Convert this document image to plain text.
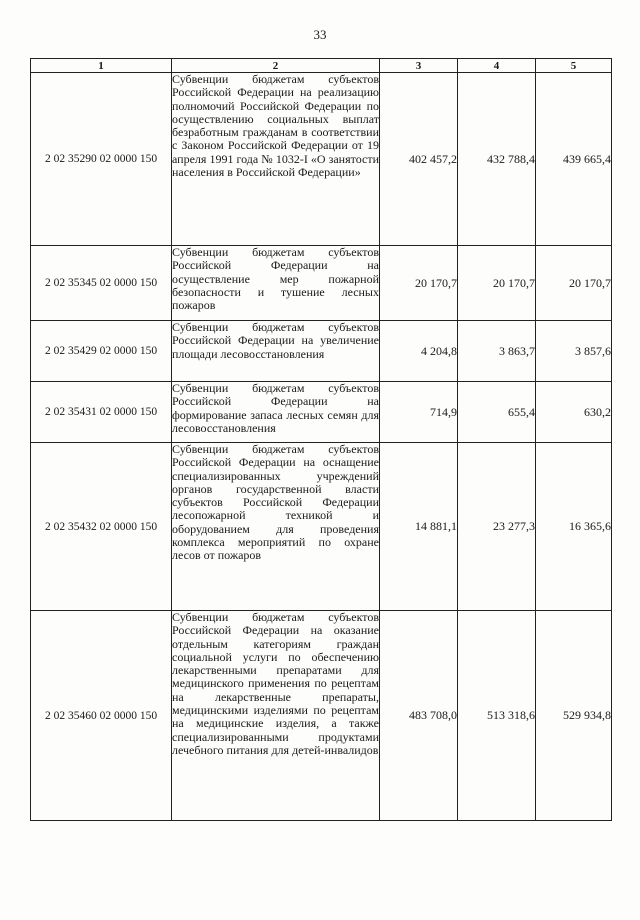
33
1	2	3	4	5
2 02 35290 02 0000 150	Субвенции бюджетам субъектов Российской Федерации на реализацию полномочий Российской Федерации по осуществлению социальных выплат безработным гражданам в соответствии с Законом Российской Федерации от 19 апреля 1991 года № 1032-I «О занятости населения в Российской Федерации»	402 457,2	432 788,4	439 665,4
2 02 35345 02 0000 150	Субвенции бюджетам субъектов Российской Федерации на осуществление мер пожарной безопасности и тушение лесных пожаров	20 170,7	20 170,7	20 170,7
2 02 35429 02 0000 150	Субвенции бюджетам субъектов Российской Федерации на увеличение площади лесовосстановления	4 204,8	3 863,7	3 857,6
2 02 35431 02 0000 150	Субвенции бюджетам субъектов Российской Федерации на формирование запаса лесных семян для лесовосстановления	714,9	655,4	630,2
2 02 35432 02 0000 150	Субвенции бюджетам субъектов Российской Федерации на оснащение специализированных учреждений органов государственной власти субъектов Российской Федерации лесопожарной техникой и оборудованием для проведения комплекса мероприятий по охране лесов от пожаров	14 881,1	23 277,3	16 365,6
2 02 35460 02 0000 150	Субвенции бюджетам субъектов Российской Федерации на оказание отдельным категориям граждан социальной услуги по обеспечению лекарственными препаратами для медицинского применения по рецептам на лекарственные препараты, медицинскими изделиями по рецептам на медицинские изделия, а также специализированными продуктами лечебного питания для детей-инвалидов	483 708,0	513 318,6	529 934,8
